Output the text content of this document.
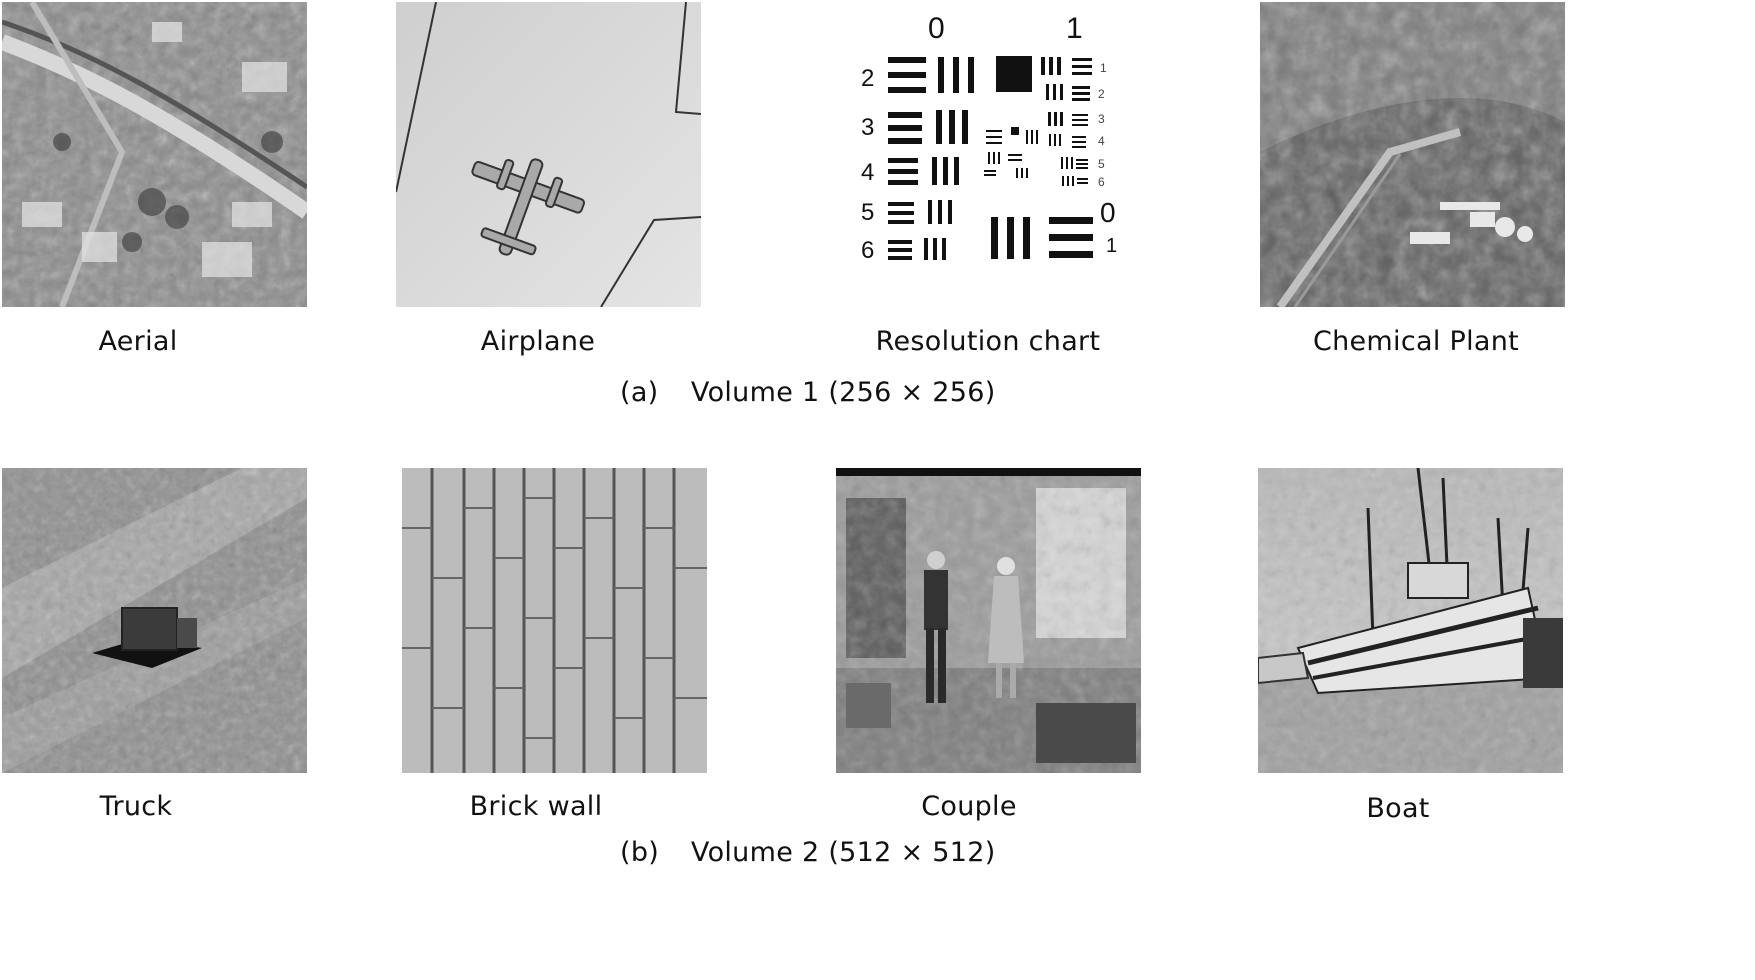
0	1
2
3
4
5
6
1
2
3
4
5
6
0
1
Aerial	Airplane	Resolution chart	Chemical Plant
(a) Volume 1 (256 × 256)
Truck	Brick wall	Couple	Boat
(b) Volume 2 (512 × 512)
